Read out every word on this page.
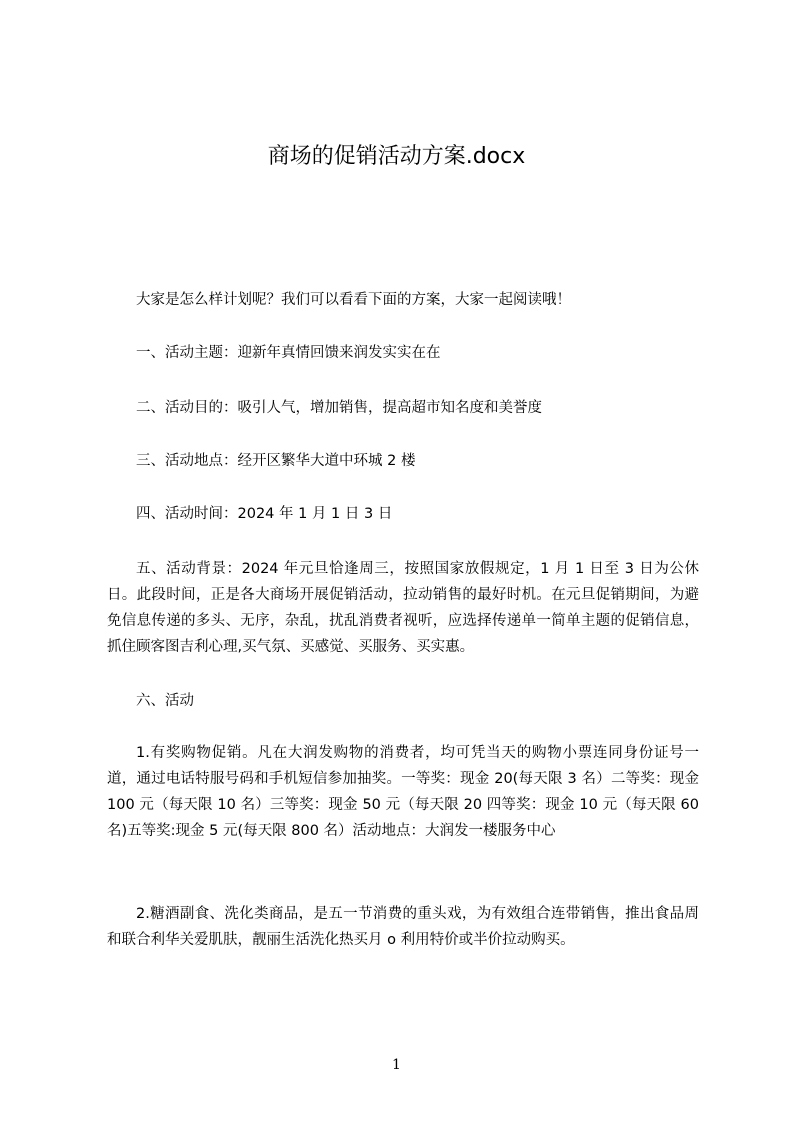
商场的促销活动方案.docx
大家是怎么样计划呢？我们可以看看下面的方案，大家一起阅读哦！
一、活动主题：迎新年真情回馈来润发实实在在
二、活动目的：吸引人气，增加销售，提高超市知名度和美誉度
三、活动地点：经开区繁华大道中环城 2 楼
四、活动时间：2024 年 1 月 1 日 3 日
五、活动背景：2024 年元旦恰逢周三，按照国家放假规定，1 月 1 日至 3 日为公休日。此段时间，正是各大商场开展促销活动，拉动销售的最好时机。在元旦促销期间，为避免信息传递的多头、无序，杂乱，扰乱消费者视听，应选择传递单一简单主题的促销信息，抓住顾客图吉利心理,买气氛、买感觉、买服务、买实惠。
六、活动
1.有奖购物促销。凡在大润发购物的消费者，均可凭当天的购物小票连同身份证号一道，通过电话特服号码和手机短信参加抽奖。一等奖：现金 20(每天限 3 名）二等奖：现金 100 元（每天限 10 名）三等奖：现金 50 元（每天限 20 四等奖：现金 10 元（每天限 60 名)五等奖:现金 5 元(每天限 800 名）活动地点：大润发一楼服务中心
2.糖酒副食、洗化类商品，是五一节消费的重头戏，为有效组合连带销售，推出食品周和联合利华关爱肌肤，靓丽生活洗化热买月 o 利用特价或半价拉动购买。
1
